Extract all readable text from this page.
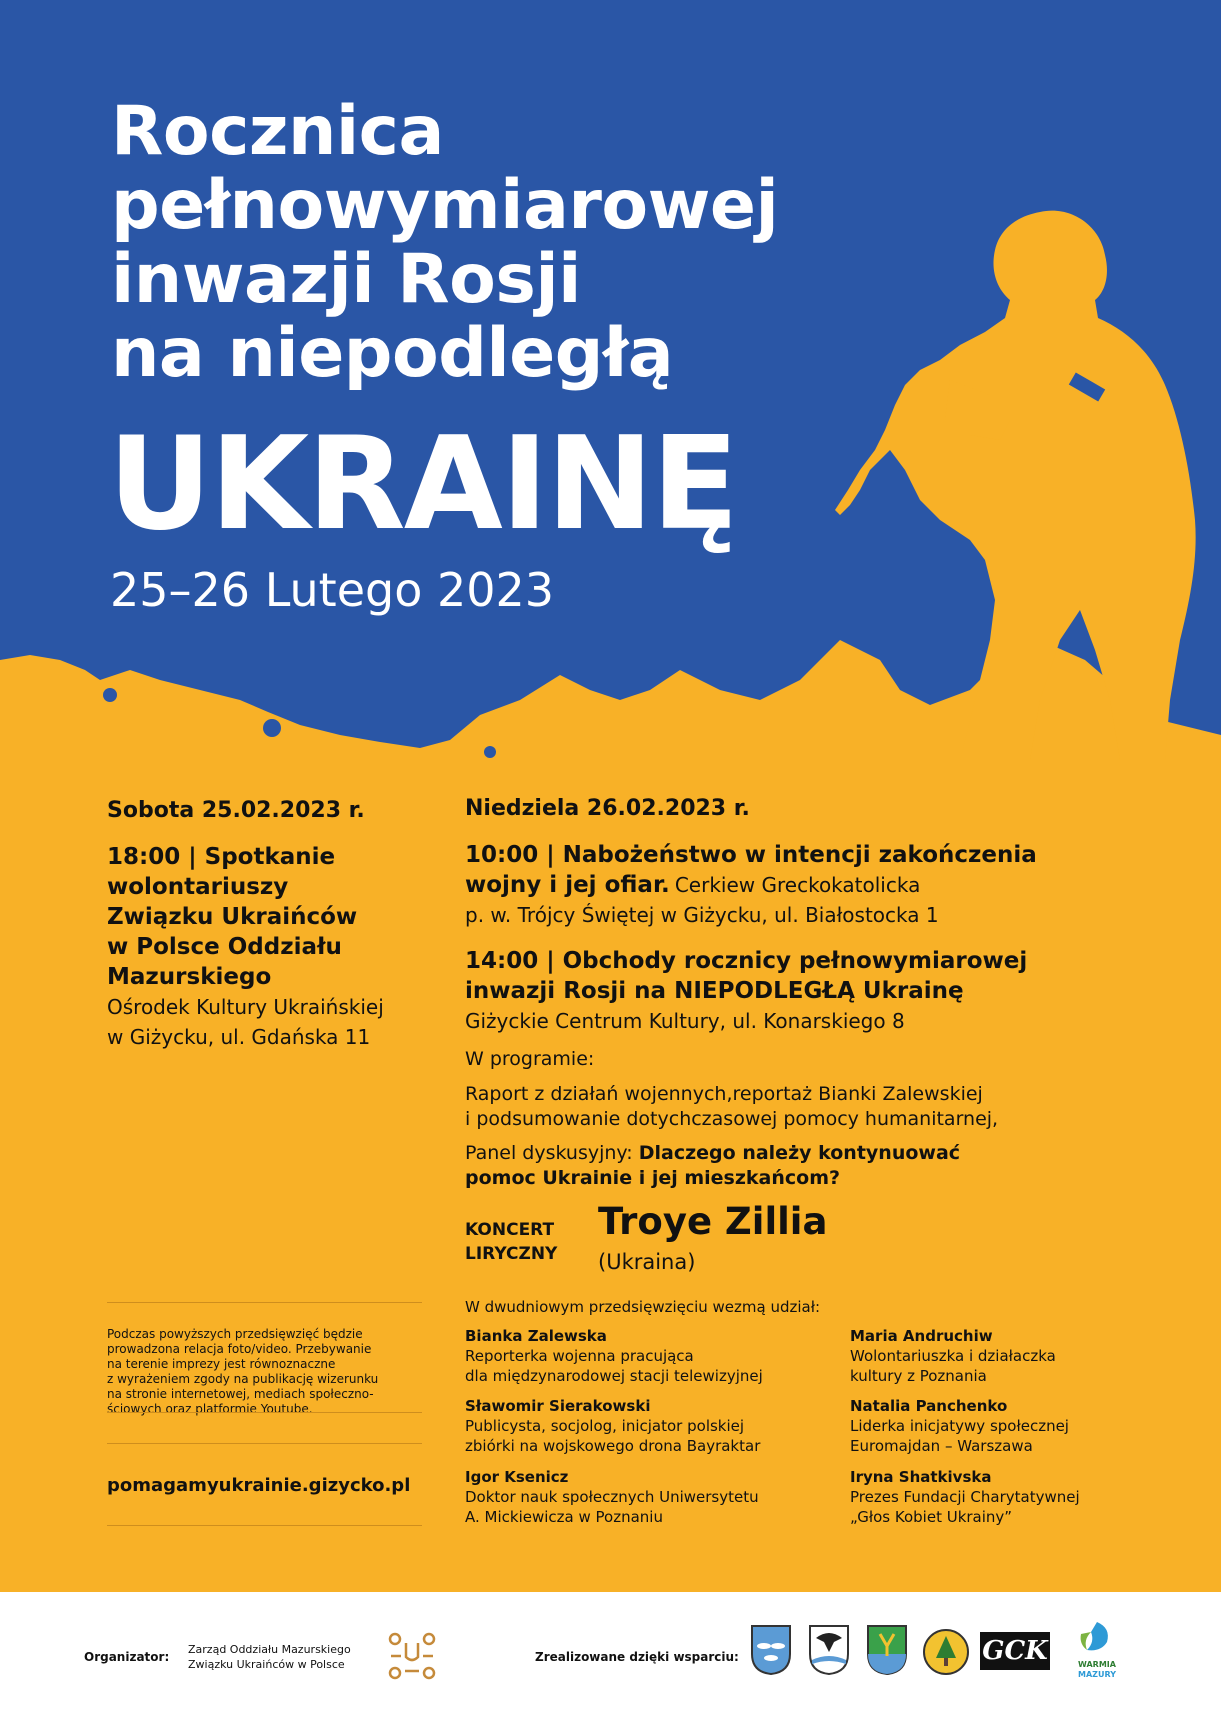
Rocznica
pełnowymiarowej
inwazji Rosji
na niepodległą
UKRAINĘ
25–26 Lutego 2023
Sobota 25.02.2023 r.
18:00 | Spotkanie
wolontariuszy
Związku Ukraińców
w Polsce Oddziału
Mazurskiego
Ośrodek Kultury Ukraińskiej
w Giżycku, ul. Gdańska 11
Niedziela 26.02.2023 r.
10:00 | Nabożeństwo w intencji zakończenia
wojny i jej ofiar. Cerkiew Greckokatolicka
p. w. Trójcy Świętej w Giżycku, ul. Białostocka 1
14:00 | Obchody rocznicy pełnowymiarowej
inwazji Rosji na NIEPODLEGŁĄ Ukrainę
Giżyckie Centrum Kultury, ul. Konarskiego 8
W programie:
Raport z działań wojennych,reportaż Bianki Zalewskiej
i podsumowanie dotychczasowej pomocy humanitarnej,
Panel dyskusyjny: Dlaczego należy kontynuować
pomoc Ukrainie i jej mieszkańcom?
KONCERT
LIRYCZNY
Troye Zillia
(Ukraina)
Podczas powyższych przedsięwzięć będzie
prowadzona relacja foto/video. Przebywanie
na terenie imprezy jest równoznaczne
z wyrażeniem zgody na publikację wizerunku
na stronie internetowej, mediach społeczno-
ściowych oraz platformie Youtube.
pomagamyukrainie.gizycko.pl
W dwudniowym przedsięwzięciu wezmą udział:
Bianka Zalewska
Reporterka wojenna pracująca
dla międzynarodowej stacji telewizyjnej
Sławomir Sierakowski
Publicysta, socjolog, inicjator polskiej
zbiórki na wojskowego drona Bayraktar
Igor Ksenicz
Doktor nauk społecznych Uniwersytetu
A. Mickiewicza w Poznaniu
Maria Andruchiw
Wolontariuszka i działaczka
kultury z Poznania
Natalia Panchenko
Liderka inicjatywy społecznej
Euromajdan – Warszawa
Iryna Shatkivska
Prezes Fundacji Charytatywnej
„Głos Kobiet Ukrainy”
Organizator:
Zarząd Oddziału Mazurskiego
Związku Ukraińców w Polsce
Zrealizowane dzięki wsparciu:	GCK	WARMIA
MAZURY
